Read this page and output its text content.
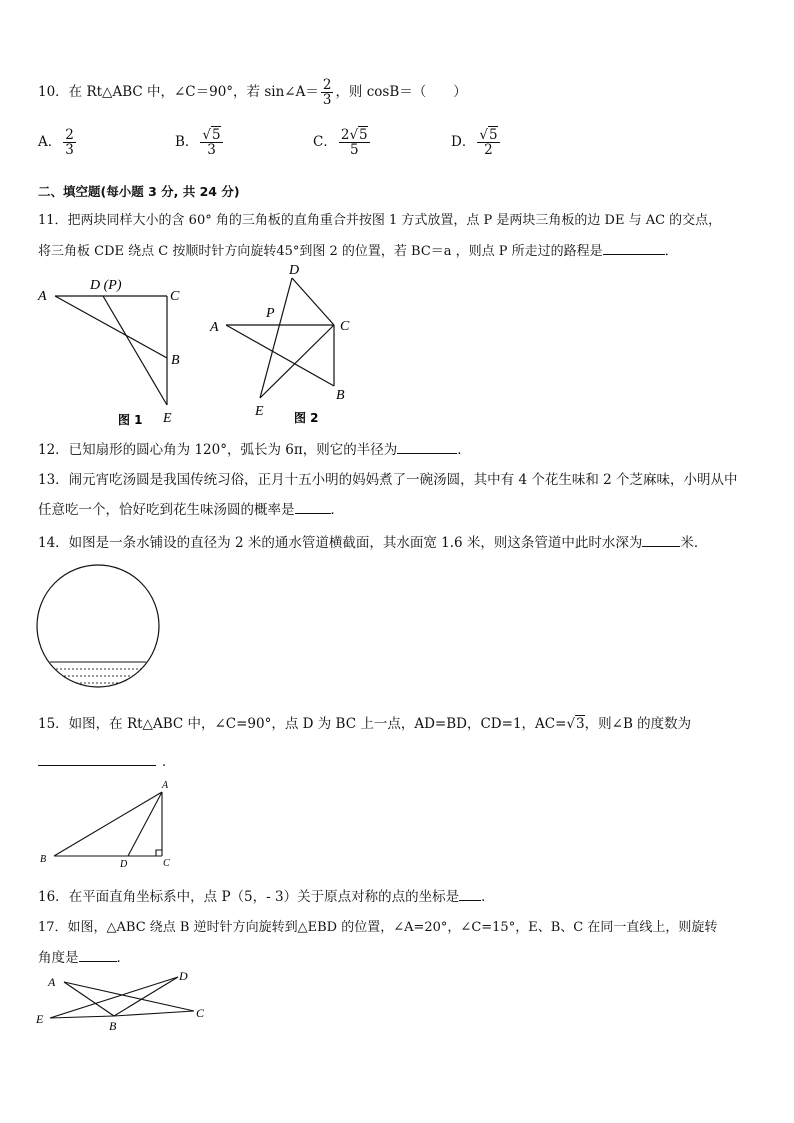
10．在 Rt△ABC 中，∠C＝90°，若 sin∠A＝ $\frac{2}{3}$ ，则 cosB＝（　　）
A． $\frac{2}{3}$	B． $\frac{√5}{3}$	C． $\frac{2√5}{5}$	D． $\frac{√5}{2}$
二、填空题(每小题 3 分, 共 24 分)
11．把两块同样大小的含 60° 角的三角板的直角重合并按图 1 方式放置，点 P 是两块三角板的边 DE 与 AC 的交点，
将三角板 CDE 绕点 C 按顺时针方向旋转45°到图 2 的位置，若 BC＝a ，则点 P 所走过的路程是	．
A
D (P)
C
B
E
图 1
D
P
A	C
B
E	图 2
12．已知扇形的圆心角为 120°，弧长为 6π，则它的半径为	．
13．闹元宵吃汤圆是我国传统习俗，正月十五小明的妈妈煮了一碗汤圆，其中有 4 个花生味和 2 个芝麻味，小明从中
任意吃一个，恰好吃到花生味汤圆的概率是	．
14．如图是一条水铺设的直径为 2 米的通水管道横截面，其水面宽 1.6 米，则这条管道中此时水深为	米．
15．如图，在 Rt△ABC 中，∠C=90°，点 D 为 BC 上一点，AD=BD，CD=1，AC=√3，则∠B 的度数为
．
A
B	D	C
16．在平面直角坐标系中，点 P（5，- 3）关于原点对称的点的坐标是 ．
17．如图，△ABC 绕点 B 逆时针方向旋转到△EBD 的位置，∠A=20°，∠C=15°，E、B、C 在同一直线上，则旋转
角度是	．
A	D
E	B
C
